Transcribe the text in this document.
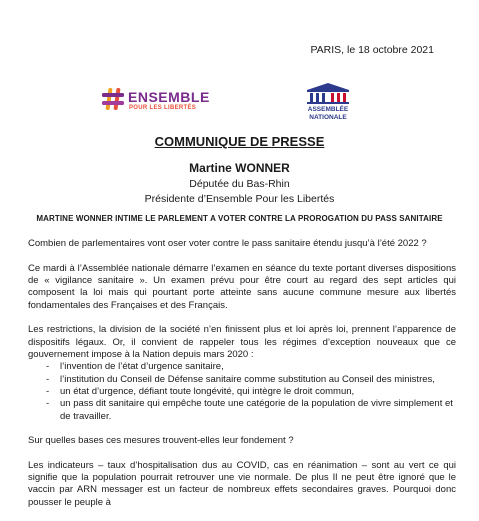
PARIS, le 18 octobre 2021
ENSEMBLE
POUR LES LIBERTÉS	ASSEMBLÉE
NATIONALE
COMMUNIQUE DE PRESSE
Martine WONNER
Députée du Bas-Rhin
Présidente d’Ensemble Pour les Libertés
MARTINE WONNER INTIME LE PARLEMENT A VOTER CONTRE LA PROROGATION DU PASS SANITAIRE

Combien de parlementaires vont oser voter contre le pass sanitaire étendu jusqu’à l’été 2022 ?

Ce mardi à l’Assemblée nationale démarre l’examen en séance du texte portant diverses dispositions de « vigilance sanitaire ». Un examen prévu pour être court au regard des sept articles qui composent la loi mais qui pourtant porte atteinte sans aucune commune mesure aux libertés fondamentales des Françaises et des Français.

Les restrictions, la division de la société n’en finissent plus et loi après loi, prennent l’apparence de dispositifs légaux. Or, il convient de rappeler tous les régimes d’exception nouveaux que ce gouvernement impose à la Nation depuis mars 2020 :

- l’invention de l’état d’urgence sanitaire,
- l’institution du Conseil de Défense sanitaire comme substitution au Conseil des ministres,
- un état d’urgence, défiant toute longévité, qui intègre le droit commun,
- un pass dit sanitaire qui empêche toute une catégorie de la population de vivre simplement et de travailler.

Sur quelles bases ces mesures trouvent-elles leur fondement ?

Les indicateurs – taux d’hospitalisation dus au COVID, cas en réanimation – sont au vert ce qui signifie que la population pourrait retrouver une vie normale. De plus Il ne peut être ignoré que le vaccin par ARN messager est un facteur de nombreux effets secondaires graves. Pourquoi donc pousser le peuple à
